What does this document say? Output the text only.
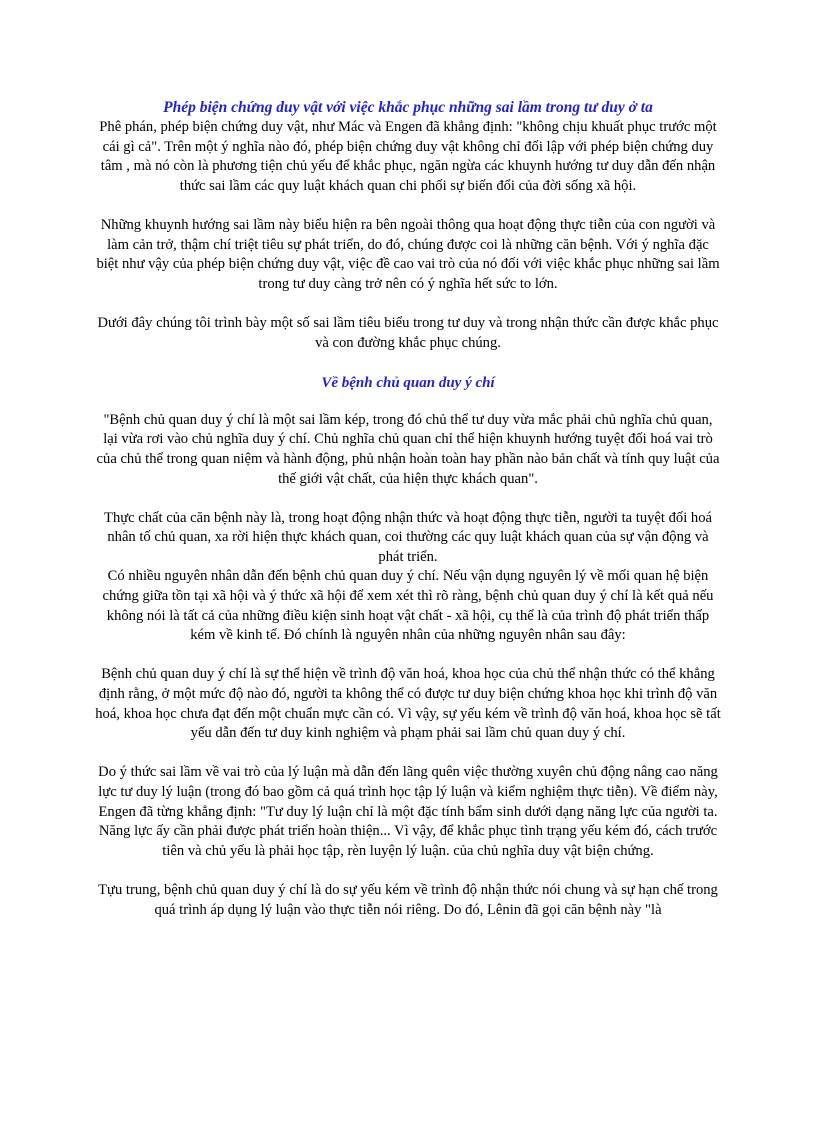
Phép biện chứng duy vật với việc khắc phục những sai lầm trong tư duy ở ta

Phê phán, phép biện chứng duy vật, như Mác và Engen đã khẳng định: "không chịu khuất phục trước một cái gì cả". Trên một ý nghĩa nào đó, phép biện chứng duy vật không chỉ đối lập với phép biện chứng duy tâm , mà nó còn là phương tiện chủ yếu để khắc phục, ngăn ngừa các khuynh hướng tư duy dẫn đến nhận thức sai lầm các quy luật khách quan chi phối sự biến đổi của đời sống xã hội.

Những khuynh hướng sai lầm này biểu hiện ra bên ngoài thông qua hoạt động thực tiễn của con người và làm cản trở, thậm chí triệt tiêu sự phát triển, do đó, chúng được coi là những căn bệnh. Với ý nghĩa đặc biệt như vậy của phép biện chứng duy vật, việc đề cao vai trò của nó đối với việc khắc phục những sai lầm trong tư duy càng trở nên có ý nghĩa hết sức to lớn.

Dưới đây chúng tôi trình bày một số sai lầm tiêu biểu trong tư duy và trong nhận thức cần được khắc phục và con đường khắc phục chúng.

Về bệnh chủ quan duy ý chí

"Bệnh chủ quan duy ý chí là một sai lầm kép, trong đó chủ thể tư duy vừa mắc phải chủ nghĩa chủ quan, lại vừa rơi vào chủ nghĩa duy ý chí. Chủ nghĩa chủ quan chỉ thể hiện khuynh hướng tuyệt đối hoá vai trò của chủ thể trong quan niệm và hành động, phủ nhận hoàn toàn hay phần nào bản chất và tính quy luật của thế giới vật chất, của hiện thực khách quan".

Thực chất của căn bệnh này là, trong hoạt động nhận thức và hoạt động thực tiễn, người ta tuyệt đối hoá nhân tố chủ quan, xa rời hiện thực khách quan, coi thường các quy luật khách quan của sự vận động và phát triển.

Có nhiều nguyên nhân dẫn đến bệnh chủ quan duy ý chí. Nếu vận dụng nguyên lý về mối quan hệ biện chứng giữa tồn tại xã hội và ý thức xã hội để xem xét thì rõ ràng, bệnh chủ quan duy ý chí là kết quả nếu không nói là tất cả của những điều kiện sinh hoạt vật chất - xã hội, cụ thể là của trình độ phát triển thấp kém về kinh tế. Đó chính là nguyên nhân của những nguyên nhân sau đây:

Bệnh chủ quan duy ý chí là sự thể hiện về trình độ văn hoá, khoa học của chủ thể nhận thức có thể khẳng định rằng, ở một mức độ nào đó, người ta không thể có được tư duy biện chứng khoa học khi trình độ văn hoá, khoa học chưa đạt đến một chuẩn mực cần có. Vì vậy, sự yếu kém về trình độ văn hoá, khoa học sẽ tất yếu dẫn đến tư duy kinh nghiệm và phạm phải sai lầm chủ quan duy ý chí.

Do ý thức sai lầm về vai trò của lý luận mà dẫn đến lãng quên việc thường xuyên chủ động nâng cao năng lực tư duy lý luận (trong đó bao gồm cả quá trình học tập lý luận và kiểm nghiệm thực tiễn). Về điểm này, Engen đã từng khẳng định: "Tư duy lý luận chỉ là một đặc tính bẩm sinh dưới dạng năng lực của người ta. Năng lực ấy cần phải được phát triển hoàn thiện... Vì vậy, để khắc phục tình trạng yếu kém đó, cách trước tiên và chủ yếu là phải học tập, rèn luyện lý luận. của chủ nghĩa duy vật biện chứng.

Tựu trung, bệnh chủ quan duy ý chí là do sự yếu kém về trình độ nhận thức nói chung và sự hạn chế trong quá trình áp dụng lý luận vào thực tiễn nói riêng. Do đó, Lênin đã gọi căn bệnh này "là
